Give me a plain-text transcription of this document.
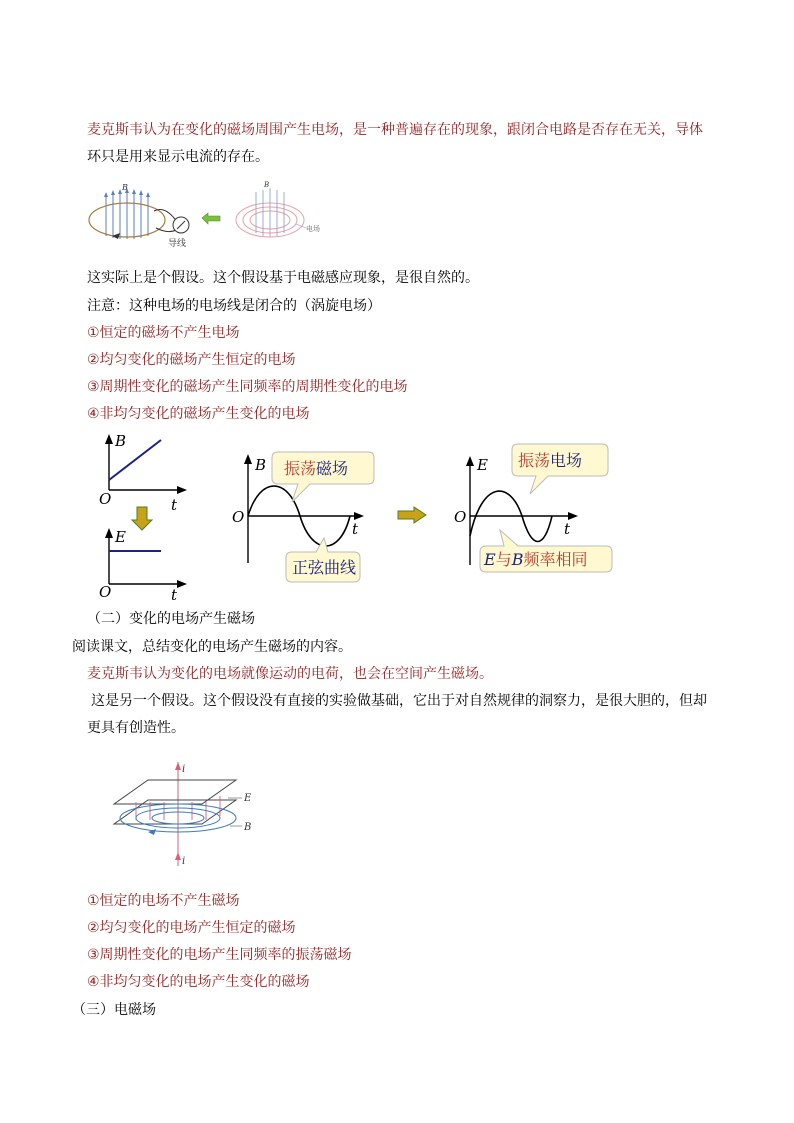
麦克斯韦认为在变化的磁场周围产生电场，是一种普遍存在的现象，跟闭合电路是否存在无关，导体
环只是用来显示电流的存在。
B
导线
B
电场
这实际上是个假设。这个假设基于电磁感应现象，是很自然的。
注意：这种电场的电场线是闭合的（涡旋电场）
①恒定的磁场不产生电场
②均匀变化的磁场产生恒定的电场
③周期性变化的磁场产生同频率的周期性变化的电场
④非均匀变化的磁场产生变化的电场
B
O	t
E
O	t
B
O
t
振荡 磁场
正弦曲线
E
O
t
振荡 电场
E与B频率相同
（二）变化的电场产生磁场
阅读课文，总结变化的电场产生磁场的内容。
麦克斯韦认为变化的电场就像运动的电荷，也会在空间产生磁场。
这是另一个假设。这个假设没有直接的实验做基础，它出于对自然规律的洞察力，是很大胆的，但却
更具有创造性。
i
i
E
B
①恒定的电场不产生磁场
②均匀变化的电场产生恒定的磁场
③周期性变化的电场产生同频率的振荡磁场
④非均匀变化的电场产生变化的磁场
（三）电磁场
